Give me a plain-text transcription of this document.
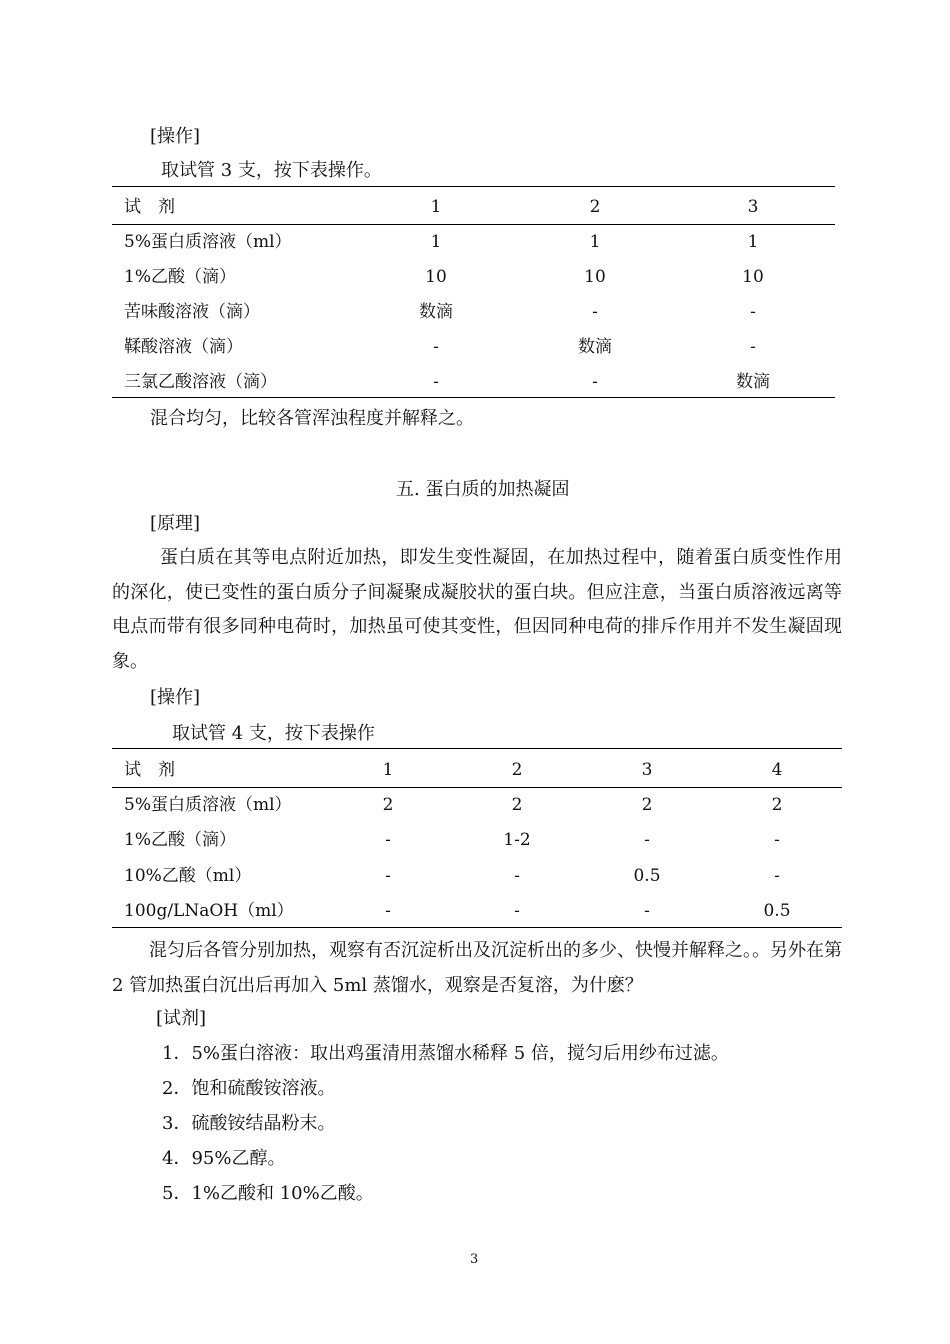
[操作]
取试管 3 支，按下表操作。
试　剂	1	2	3
5%蛋白质溶液（ml）	1	1	1
1%乙酸（滴）	10	10	10
苦味酸溶液（滴）	数滴	-	-
鞣酸溶液（滴）	-	数滴	-
三氯乙酸溶液（滴）	-	-	数滴
混合均匀，比较各管浑浊程度并解释之。
五. 蛋白质的加热凝固
[原理]
蛋白质在其等电点附近加热，即发生变性凝固，在加热过程中，随着蛋白质变性作用的深化，使已变性的蛋白质分子间凝聚成凝胶状的蛋白块。但应注意，当蛋白质溶液远离等电点而带有很多同种电荷时，加热虽可使其变性，但因同种电荷的排斥作用并不发生凝固现象。
[操作]
取试管 4 支，按下表操作
试　剂	1	2	3	4
5%蛋白质溶液（ml）	2	2	2	2
1%乙酸（滴）	-	1-2	-	-
10%乙酸（ml）	-	-	0.5	-
100g/LNaOH（ml）	-	-	-	0.5
混匀后各管分别加热，观察有否沉淀析出及沉淀析出的多少、快慢并解释之。。另外在第 2 管加热蛋白沉出后再加入 5ml 蒸馏水，观察是否复溶，为什麽？
[试剂]
1．5%蛋白溶液：取出鸡蛋清用蒸馏水稀释 5 倍，搅匀后用纱布过滤。
2．饱和硫酸铵溶液。
3．硫酸铵结晶粉末。
4．95%乙醇。
5．1%乙酸和 10%乙酸。
3
